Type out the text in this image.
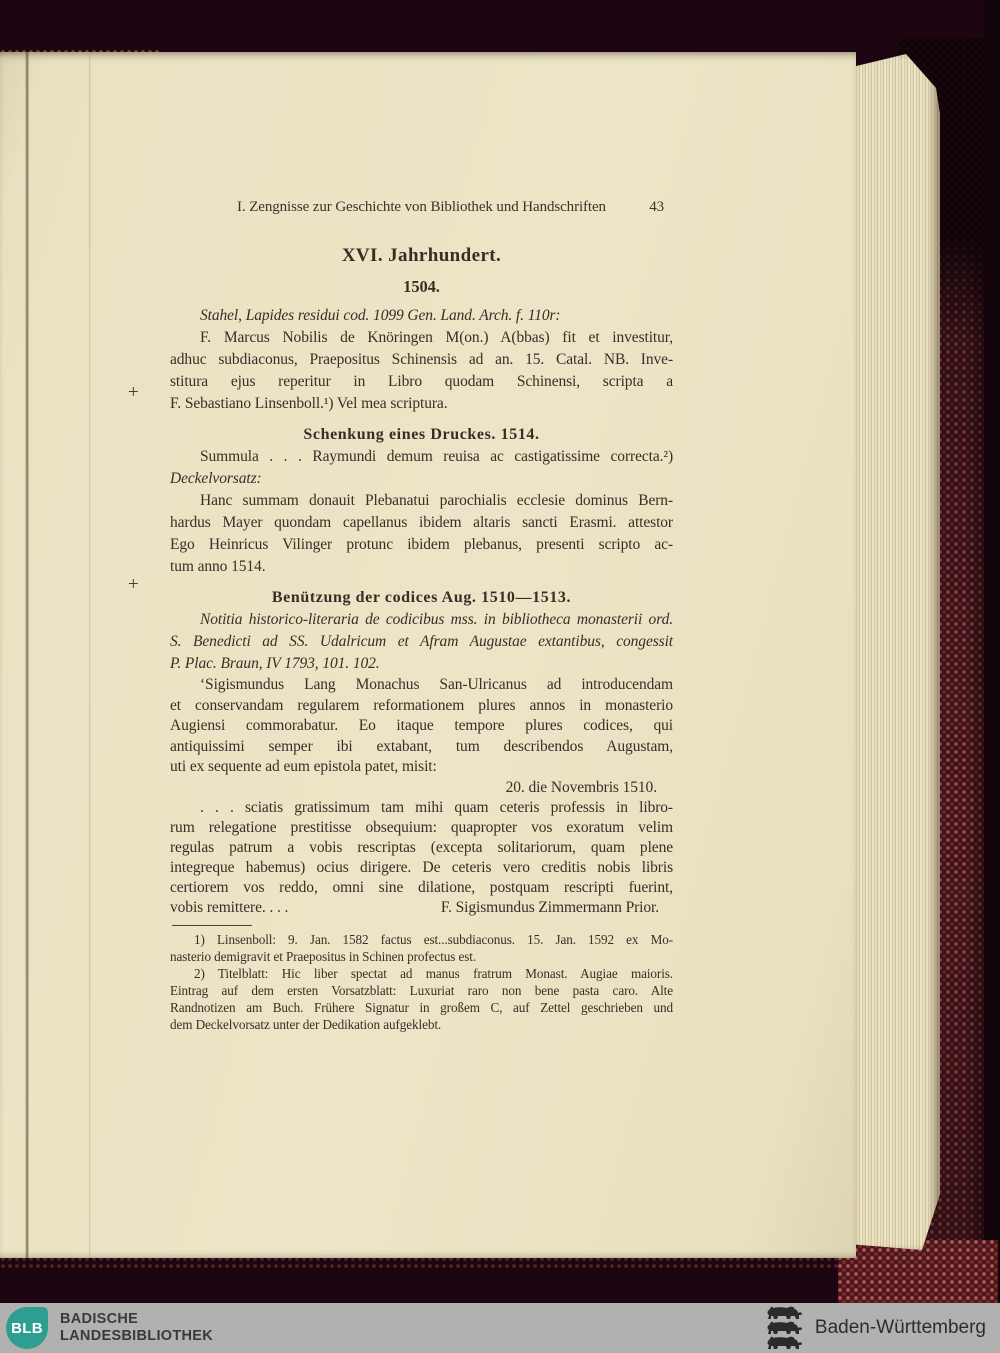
+
+
I. Zengnisse zur Geschichte von Bibliothek und Handschriften	43
XVI. Jahrhundert.
1504.
Stahel, Lapides residui cod. 1099 Gen. Land. Arch. f. 110r:
F. Marcus Nobilis de Knöringen M(on.) A(bbas) fit et investitur,
adhuc subdiaconus, Praepositus Schinensis ad an. 15. Catal. NB. Inve-
stitura ejus reperitur in Libro quodam Schinensi, scripta a
F. Sebastiano Linsenboll.¹) Vel mea scriptura.
Schenkung eines Druckes. 1514.
Summula . . . Raymundi demum reuisa ac castigatissime correcta.²)
Deckelvorsatz:
Hanc summam donauit Plebanatui parochialis ecclesie dominus Bern-
hardus Mayer quondam capellanus ibidem altaris sancti Erasmi. attestor
Ego Heinricus Vilinger protunc ibidem plebanus, presenti scripto ac-
tum anno 1514.
Benützung der codices Aug. 1510—1513.
Notitia historico-literaria de codicibus mss. in bibliotheca monasterii ord.
S. Benedicti ad SS. Udalricum et Afram Augustae extantibus, congessit
P. Plac. Braun, IV 1793, 101. 102.
‘Sigismundus Lang Monachus San-Ulricanus ad introducendam
et conservandam regularem reformationem plures annos in monasterio
Augiensi commorabatur. Eo itaque tempore plures codices, qui
antiquissimi semper ibi extabant, tum describendos Augustam,
uti ex sequente ad eum epistola patet, misit:
20. die Novembris 1510.
. . . sciatis gratissimum tam mihi quam ceteris professis in libro-
rum relegatione prestitisse obsequium: quapropter vos exoratum velim
regulas patrum a vobis rescriptas (excepta solitariorum, quam plene
integreque habemus) ocius dirigere. De ceteris vero creditis nobis libris
certiorem vos reddo, omni sine dilatione, postquam rescripti fuerint,
vobis remittere. . . .	F. Sigismundus Zimmermann Prior.
1) Linsenboll: 9. Jan. 1582 factus est...subdiaconus. 15. Jan. 1592 ex Mo-
nasterio demigravit et Praepositus in Schinen profectus est.
2) Titelblatt: Hic liber spectat ad manus fratrum Monast. Augiae maioris.
Eintrag auf dem ersten Vorsatzblatt: Luxuriat raro non bene pasta caro. Alte
Randnotizen am Buch. Frühere Signatur in großem C, auf Zettel geschrieben und
dem Deckelvorsatz unter der Dedikation aufgeklebt.
BLB
BADISCHE
LANDESBIBLIOTHEK	Baden-Württemberg
